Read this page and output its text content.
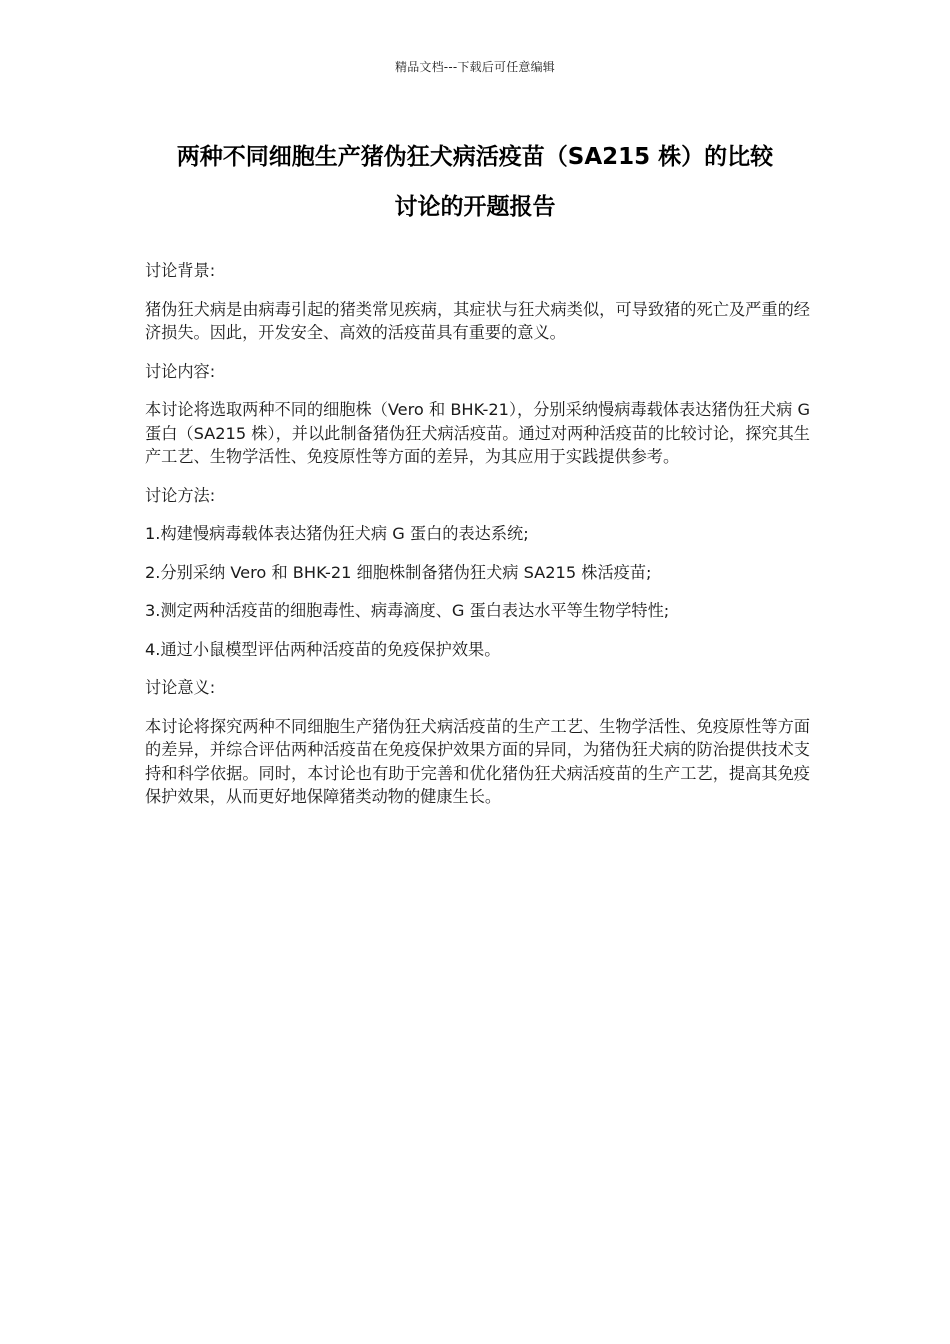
精品文档---下载后可任意编辑
两种不同细胞生产猪伪狂犬病活疫苗（SA215 株）的比较
讨论的开题报告

讨论背景:

猪伪狂犬病是由病毒引起的猪类常见疾病，其症状与狂犬病类似，可导致猪的死亡及严重的经济损失。因此，开发安全、高效的活疫苗具有重要的意义。

讨论内容:

本讨论将选取两种不同的细胞株（Vero 和 BHK-21），分别采纳慢病毒载体表达猪伪狂犬病 G 蛋白（SA215 株），并以此制备猪伪狂犬病活疫苗。通过对两种活疫苗的比较讨论，探究其生产工艺、生物学活性、免疫原性等方面的差异，为其应用于实践提供参考。

讨论方法:

1.构建慢病毒载体表达猪伪狂犬病 G 蛋白的表达系统;

2.分别采纳 Vero 和 BHK-21 细胞株制备猪伪狂犬病 SA215 株活疫苗;

3.测定两种活疫苗的细胞毒性、病毒滴度、G 蛋白表达水平等生物学特性;

4.通过小鼠模型评估两种活疫苗的免疫保护效果。

讨论意义:

本讨论将探究两种不同细胞生产猪伪狂犬病活疫苗的生产工艺、生物学活性、免疫原性等方面的差异，并综合评估两种活疫苗在免疫保护效果方面的异同，为猪伪狂犬病的防治提供技术支持和科学依据。同时，本讨论也有助于完善和优化猪伪狂犬病活疫苗的生产工艺，提高其免疫保护效果，从而更好地保障猪类动物的健康生长。
